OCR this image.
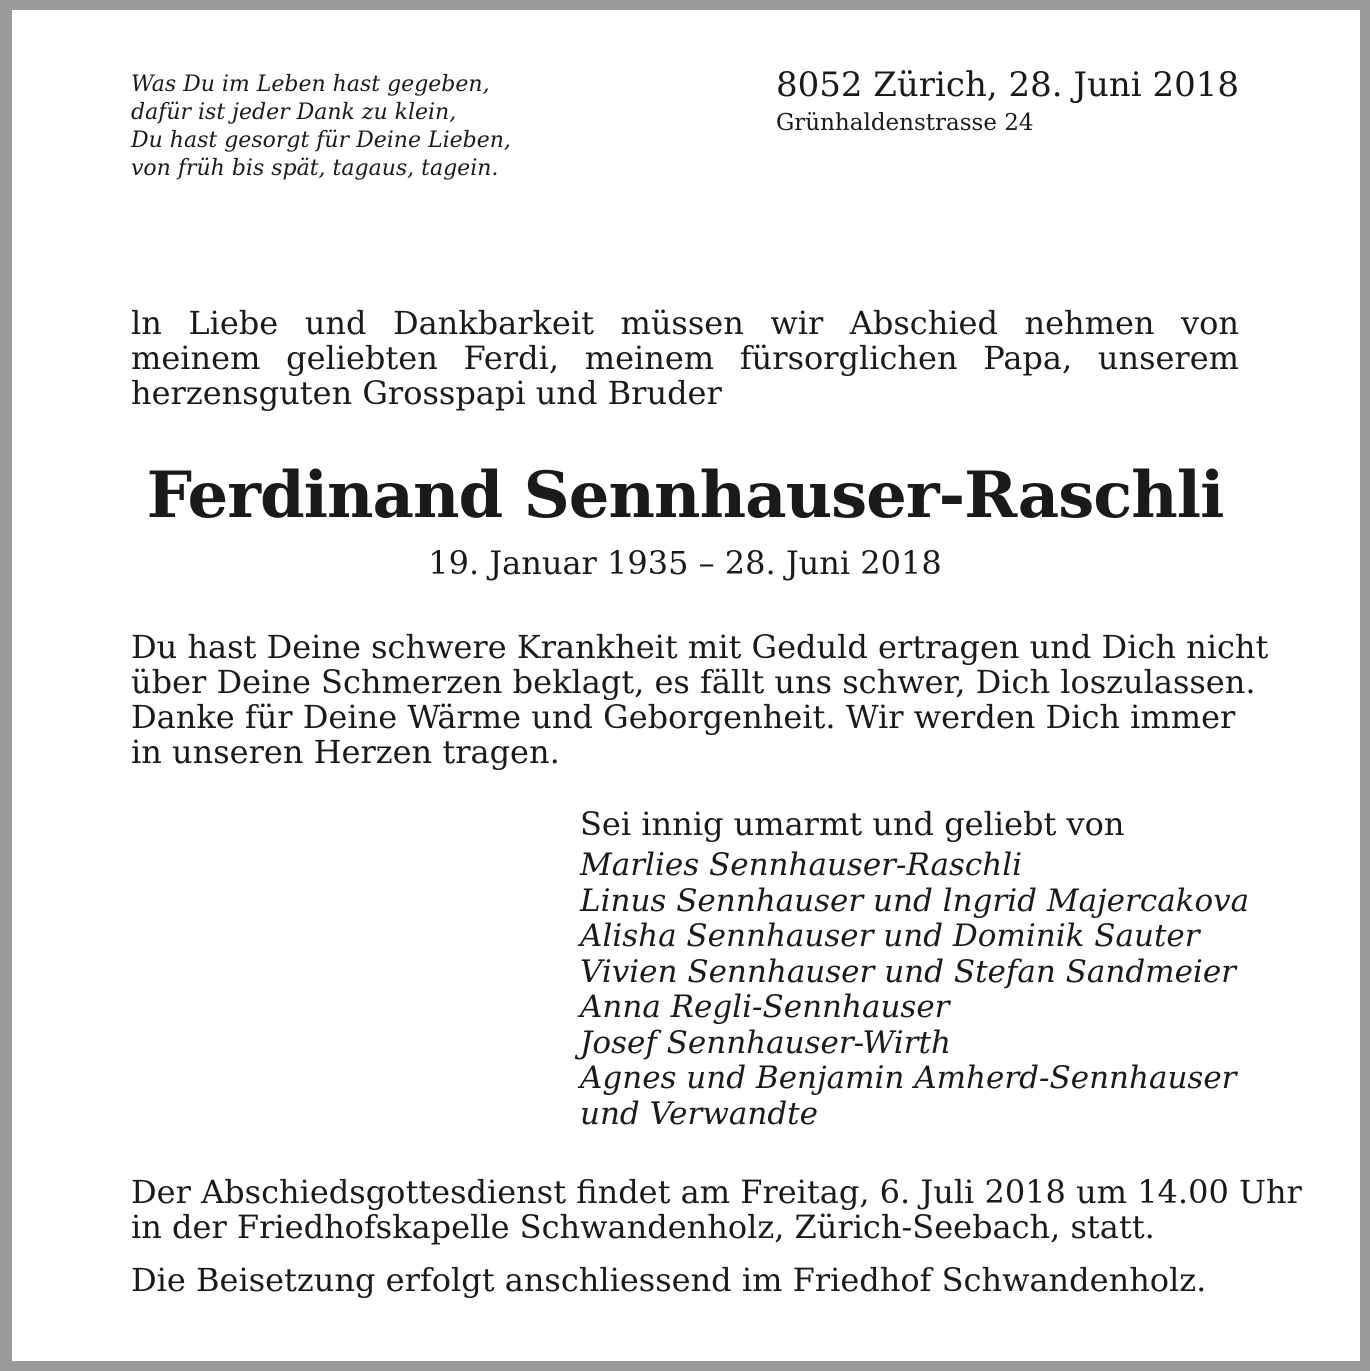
Was Du im Leben hast gegeben,
dafür ist jeder Dank zu klein,
Du hast gesorgt für Deine Lieben,
von früh bis spät, tagaus, tagein.
8052 Zürich, 28. Juni 2018
Grünhaldenstrasse 24
ln Liebe und Dankbarkeit müssen wir Abschied nehmen von meinem geliebten Ferdi, meinem fürsorglichen Papa, unserem herzensguten Grosspapi und Bruder
Ferdinand Sennhauser-Raschli
19. Januar 1935 – 28. Juni 2018
Du hast Deine schwere Krankheit mit Geduld ertragen und Dich nicht
über Deine Schmerzen beklagt, es fällt uns schwer, Dich loszulassen.
Danke für Deine Wärme und Geborgenheit. Wir werden Dich immer
in unseren Herzen tragen.
Sei innig umarmt und geliebt von
Marlies Sennhauser-Raschli
Linus Sennhauser und lngrid Majercakova
Alisha Sennhauser und Dominik Sauter
Vivien Sennhauser und Stefan Sandmeier
Anna Regli-Sennhauser
Josef Sennhauser-Wirth
Agnes und Benjamin Amherd-Sennhauser
und Verwandte
Der Abschiedsgottesdienst findet am Freitag, 6. Juli 2018 um 14.00 Uhr
in der Friedhofskapelle Schwandenholz, Zürich-Seebach, statt.
Die Beisetzung erfolgt anschliessend im Friedhof Schwandenholz.
